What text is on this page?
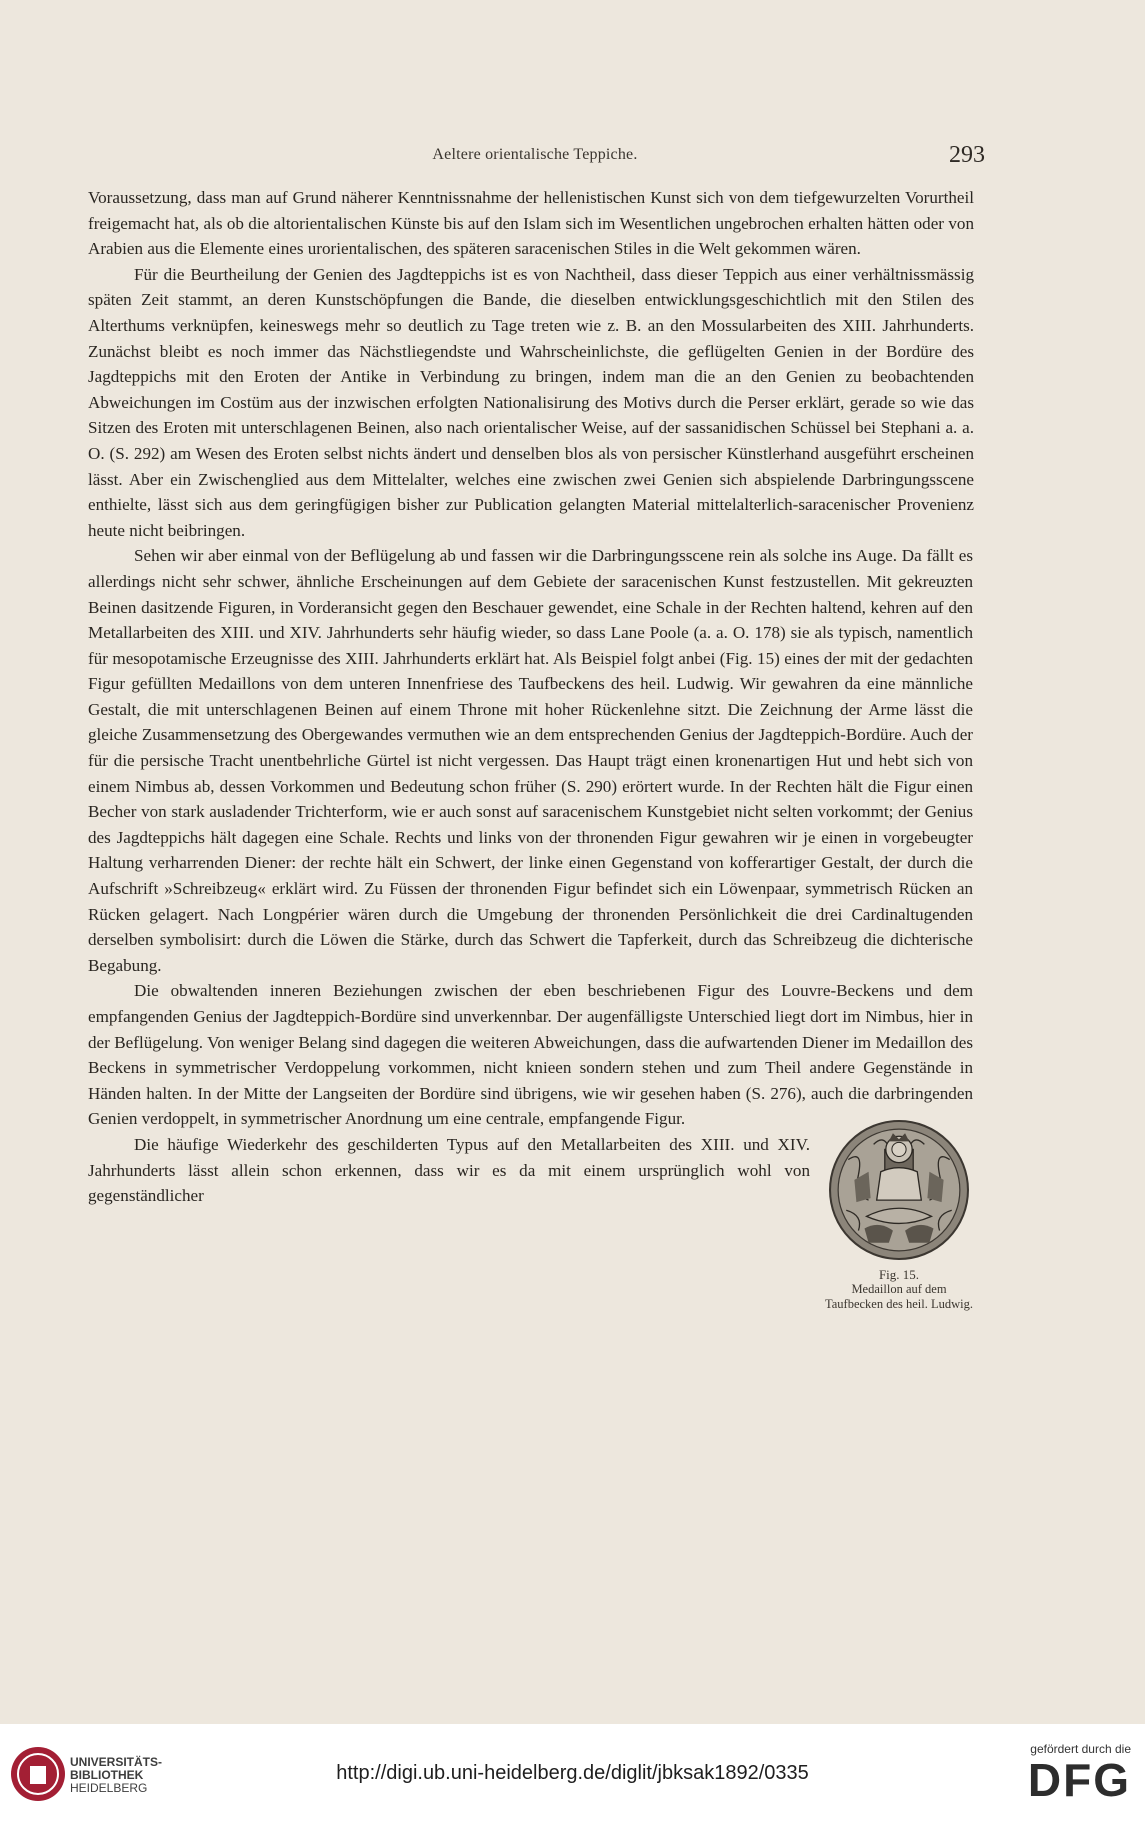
Aeltere orientalische Teppiche.	293

Voraussetzung, dass man auf Grund näherer Kenntnissnahme der hellenistischen Kunst sich von dem tiefgewurzelten Vorurtheil freigemacht hat, als ob die altorientalischen Künste bis auf den Islam sich im Wesentlichen ungebrochen erhalten hätten oder von Arabien aus die Elemente eines urorientalischen, des späteren saracenischen Stiles in die Welt gekommen wären.

Für die Beurtheilung der Genien des Jagdteppichs ist es von Nachtheil, dass dieser Teppich aus einer verhältnissmässig späten Zeit stammt, an deren Kunstschöpfungen die Bande, die dieselben entwicklungsgeschichtlich mit den Stilen des Alterthums verknüpfen, keineswegs mehr so deutlich zu Tage treten wie z. B. an den Mossularbeiten des XIII. Jahrhunderts. Zunächst bleibt es noch immer das Nächstliegendste und Wahrscheinlichste, die geflügelten Genien in der Bordüre des Jagdteppichs mit den Eroten der Antike in Verbindung zu bringen, indem man die an den Genien zu beobachtenden Abweichungen im Costüm aus der inzwischen erfolgten Nationalisirung des Motivs durch die Perser erklärt, gerade so wie das Sitzen des Eroten mit unterschlagenen Beinen, also nach orientalischer Weise, auf der sassanidischen Schüssel bei Stephani a. a. O. (S. 292) am Wesen des Eroten selbst nichts ändert und denselben blos als von persischer Künstlerhand ausgeführt erscheinen lässt. Aber ein Zwischenglied aus dem Mittelalter, welches eine zwischen zwei Genien sich abspielende Darbringungsscene enthielte, lässt sich aus dem geringfügigen bisher zur Publication gelangten Material mittelalterlich-saracenischer Provenienz heute nicht beibringen.

Fig. 15.
Medaillon auf dem Taufbecken des heil. Ludwig.

Sehen wir aber einmal von der Beflügelung ab und fassen wir die Darbringungsscene rein als solche ins Auge. Da fällt es allerdings nicht sehr schwer, ähnliche Erscheinungen auf dem Gebiete der saracenischen Kunst festzustellen. Mit gekreuzten Beinen dasitzende Figuren, in Vorderansicht gegen den Beschauer gewendet, eine Schale in der Rechten haltend, kehren auf den Metallarbeiten des XIII. und XIV. Jahrhunderts sehr häufig wieder, so dass Lane Poole (a. a. O. 178) sie als typisch, namentlich für mesopotamische Erzeugnisse des XIII. Jahrhunderts erklärt hat. Als Beispiel folgt anbei (Fig. 15) eines der mit der gedachten Figur gefüllten Medaillons von dem unteren Innenfriese des Taufbeckens des heil. Ludwig. Wir gewahren da eine männliche Gestalt, die mit unterschlagenen Beinen auf einem Throne mit hoher Rückenlehne sitzt. Die Zeichnung der Arme lässt die gleiche Zusammensetzung des Obergewandes vermuthen wie an dem entsprechenden Genius der Jagdteppich-Bordüre. Auch der für die persische Tracht unentbehrliche Gürtel ist nicht vergessen. Das Haupt trägt einen kronenartigen Hut und hebt sich von einem Nimbus ab, dessen Vorkommen und Bedeutung schon früher (S. 290) erörtert wurde. In der Rechten hält die Figur einen Becher von stark ausladender Trichterform, wie er auch sonst auf saracenischem Kunstgebiet nicht selten vorkommt; der Genius des Jagdteppichs hält dagegen eine Schale. Rechts und links von der thronenden Figur gewahren wir je einen in vorgebeugter Haltung verharrenden Diener: der rechte hält ein Schwert, der linke einen Gegenstand von kofferartiger Gestalt, der durch die Aufschrift »Schreibzeug« erklärt wird. Zu Füssen der thronenden Figur befindet sich ein Löwenpaar, symmetrisch Rücken an Rücken gelagert. Nach Longpérier wären durch die Umgebung der thronenden Persönlichkeit die drei Cardinaltugenden derselben symbolisirt: durch die Löwen die Stärke, durch das Schwert die Tapferkeit, durch das Schreibzeug die dichterische Begabung.

Die obwaltenden inneren Beziehungen zwischen der eben beschriebenen Figur des Louvre-Beckens und dem empfangenden Genius der Jagdteppich-Bordüre sind unverkennbar. Der augenfälligste Unterschied liegt dort im Nimbus, hier in der Beflügelung. Von weniger Belang sind dagegen die weiteren Abweichungen, dass die aufwartenden Diener im Medaillon des Beckens in symmetrischer Verdoppelung vorkommen, nicht knieen sondern stehen und zum Theil andere Gegenstände in Händen halten. In der Mitte der Langseiten der Bordüre sind übrigens, wie wir gesehen haben (S. 276), auch die darbringenden Genien verdoppelt, in symmetrischer Anordnung um eine centrale, empfangende Figur.

Die häufige Wiederkehr des geschilderten Typus auf den Metallarbeiten des XIII. und XIV. Jahrhunderts lässt allein schon erkennen, dass wir es da mit einem ursprünglich wohl von gegenständlicher

UNIVERSITÄTS-
BIBLIOTHEK
HEIDELBERG
http://digi.ub.uni-heidelberg.de/diglit/jbksak1892/0335
gefördert durch die
DFG
